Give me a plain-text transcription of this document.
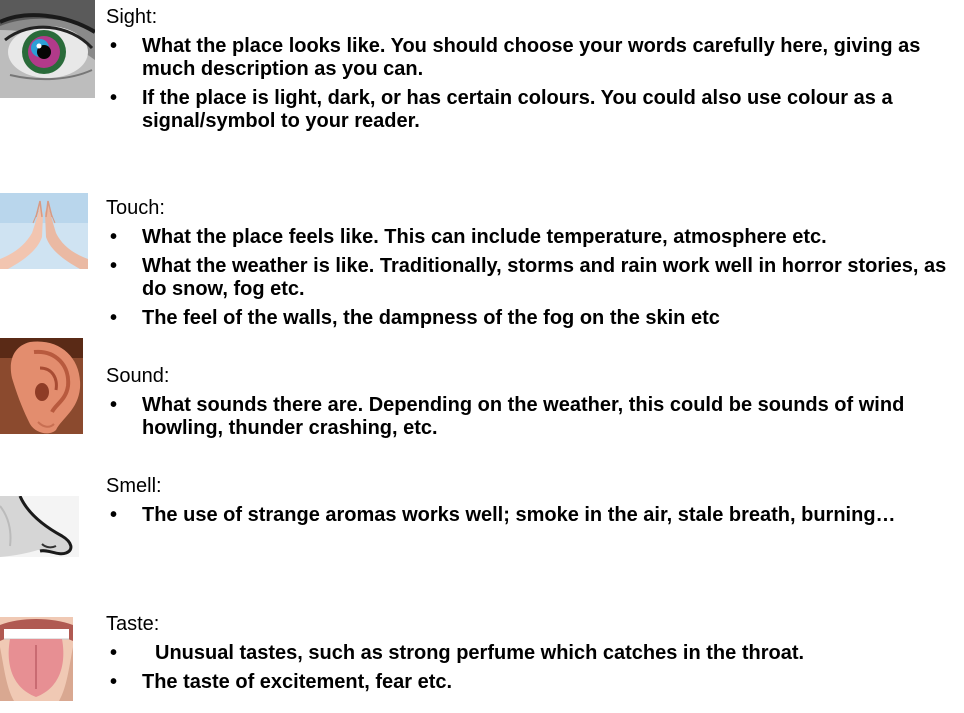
Sight:
• What the place looks like. You should choose your words carefully here, giving as much description as you can.
• If the place is light, dark, or has certain colours. You could also use colour as a signal/symbol to your reader.
Touch:
• What the place feels like. This can include temperature, atmosphere etc.
• What the weather is like. Traditionally, storms and rain work well in horror stories, as do snow, fog etc.
• The feel of the walls, the dampness of the fog on the skin etc
Sound:
• What sounds there are. Depending on the weather, this could be sounds of wind howling, thunder crashing, etc.
Smell:
• The use of strange aromas works well; smoke in the air, stale breath, burning…
Taste:
• Unusual tastes, such as strong perfume which catches in the throat.
• The taste of excitement, fear etc.
